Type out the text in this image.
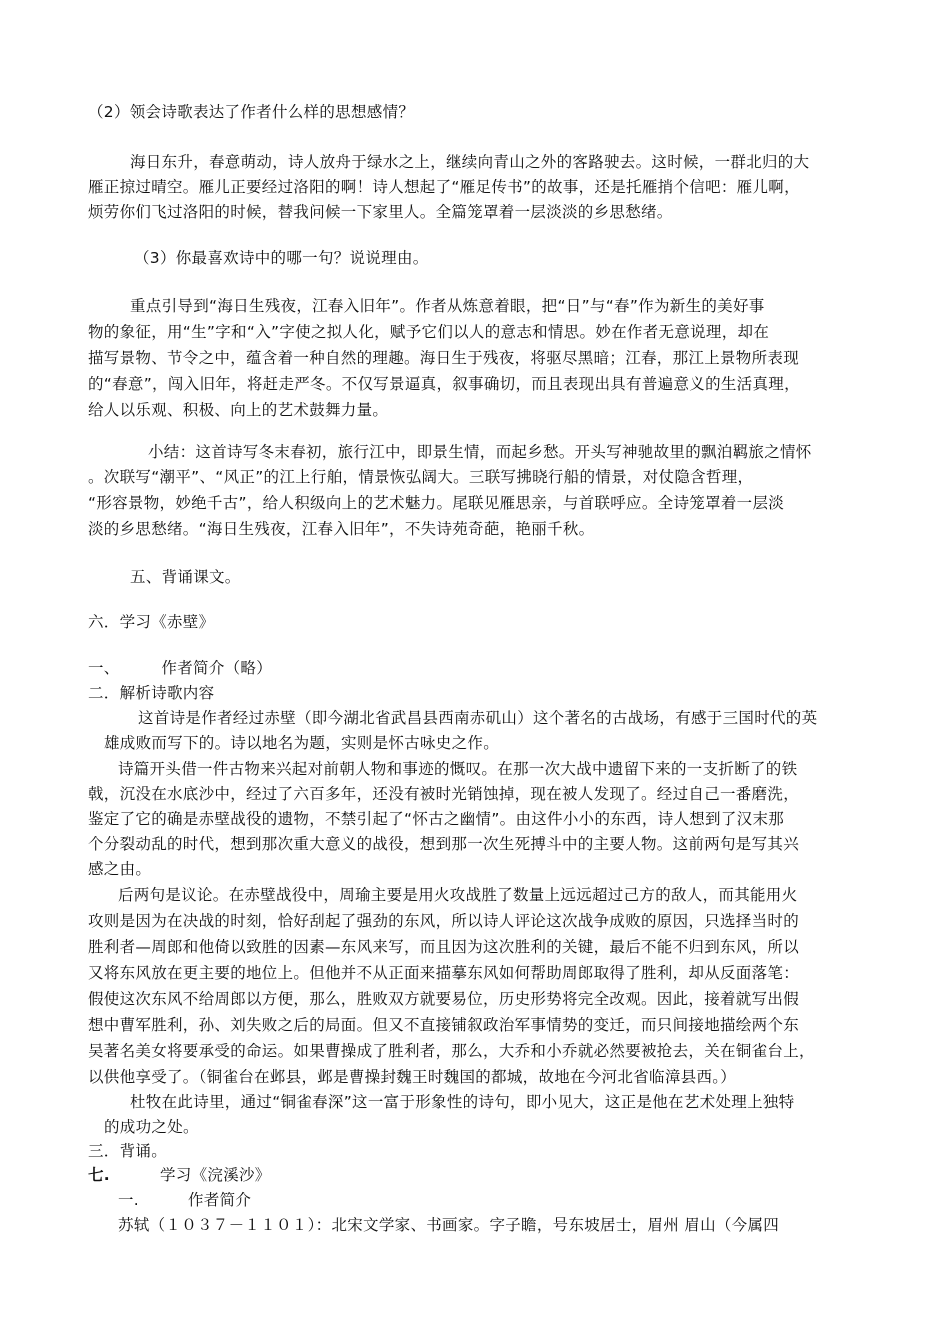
（2）领会诗歌表达了作者什么样的思想感情？
海日东升，春意萌动，诗人放舟于绿水之上，继续向青山之外的客路驶去。这时候，一群北归的大
雁正掠过晴空。雁儿正要经过洛阳的啊！诗人想起了“雁足传书”的故事，还是托雁捎个信吧：雁儿啊，
烦劳你们飞过洛阳的时候，替我问候一下家里人。全篇笼罩着一层淡淡的乡思愁绪。
（3）你最喜欢诗中的哪一句？说说理由。
重点引导到“海日生残夜，江春入旧年”。作者从炼意着眼，把“日”与“春”作为新生的美好事
物的象征，用“生”字和“入”字使之拟人化，赋予它们以人的意志和情思。妙在作者无意说理，却在
描写景物、节令之中，蕴含着一种自然的理趣。海日生于残夜，将驱尽黑暗；江春，那江上景物所表现
的“春意”，闯入旧年，将赶走严冬。不仅写景逼真，叙事确切，而且表现出具有普遍意义的生活真理，
给人以乐观、积极、向上的艺术鼓舞力量。
小结：这首诗写冬末春初，旅行江中，即景生情，而起乡愁。开头写神驰故里的飘泊羁旅之情怀
。次联写“潮平”、“风正”的江上行舶，情景恢弘阔大。三联写拂晓行船的情景，对仗隐含哲理，
“形容景物，妙绝千古”，给人积级向上的艺术魅力。尾联见雁思亲，与首联呼应。全诗笼罩着一层淡
淡的乡思愁绪。“海日生残夜，江春入旧年”，不失诗苑奇葩，艳丽千秋。
五、背诵课文。
六．学习《赤壁》
一、        作者简介（略）
二．解析诗歌内容
这首诗是作者经过赤壁（即今湖北省武昌县西南赤矶山）这个著名的古战场，有感于三国时代的英
雄成败而写下的。诗以地名为题，实则是怀古咏史之作。
诗篇开头借一件古物来兴起对前朝人物和事迹的慨叹。在那一次大战中遗留下来的一支折断了的铁
戟，沉没在水底沙中，经过了六百多年，还没有被时光销蚀掉，现在被人发现了。经过自己一番磨洗，
鉴定了它的确是赤壁战役的遗物，不禁引起了“怀古之幽情”。由这件小小的东西，诗人想到了汉末那
个分裂动乱的时代，想到那次重大意义的战役，想到那一次生死搏斗中的主要人物。这前两句是写其兴
感之由。
后两句是议论。在赤壁战役中，周瑜主要是用火攻战胜了数量上远远超过己方的敌人，而其能用火
攻则是因为在决战的时刻，恰好刮起了强劲的东风，所以诗人评论这次战争成败的原因，只选择当时的
胜利者—周郎和他倚以致胜的因素—东风来写，而且因为这次胜利的关键，最后不能不归到东风，所以
又将东风放在更主要的地位上。但他并不从正面来描摹东风如何帮助周郎取得了胜利，却从反面落笔：
假使这次东风不给周郎以方便，那么，胜败双方就要易位，历史形势将完全改观。因此，接着就写出假
想中曹军胜利，孙、刘失败之后的局面。但又不直接铺叙政治军事情势的变迁，而只间接地描绘两个东
吴著名美女将要承受的命运。如果曹操成了胜利者，那么，大乔和小乔就必然要被抢去，关在铜雀台上，
以供他享受了。（铜雀台在邺县，邺是曹操封魏王时魏国的都城，故地在今河北省临漳县西。）
杜牧在此诗里，通过“铜雀春深”这一富于形象性的诗句，即小见大，这正是他在艺术处理上独特
的成功之处。
三．背诵。
七.	学习《浣溪沙》
一.	作者简介
苏轼（１０３７－１１０１）：北宋文学家、书画家。字子瞻，号东坡居士，眉州 眉山（今属四
